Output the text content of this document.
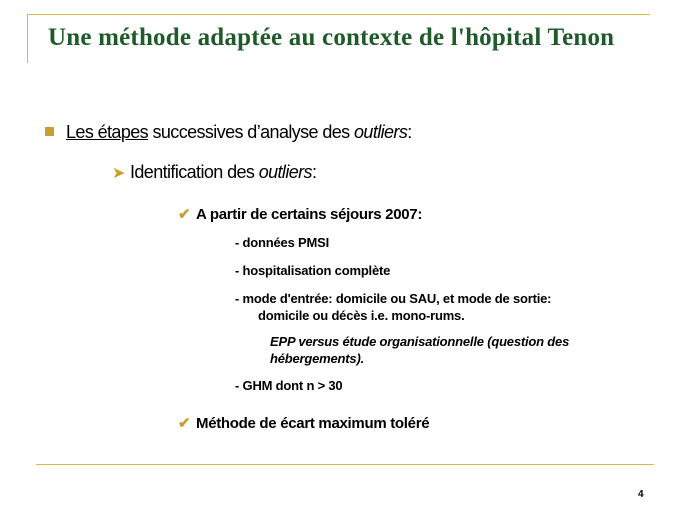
Une méthode adaptée au contexte de l'hôpital Tenon
Les étapes successives d’analyse des outliers:
➤ Identification des outliers:
✔ A partir de certains séjours 2007:
- données PMSI
- hospitalisation complète
- mode d'entrée: domicile ou SAU, et mode de sortie:
domicile ou décès i.e. mono-rums.
EPP versus étude organisationnelle (question des
hébergements).
- GHM dont n > 30
✔ Méthode de écart maximum toléré
4
